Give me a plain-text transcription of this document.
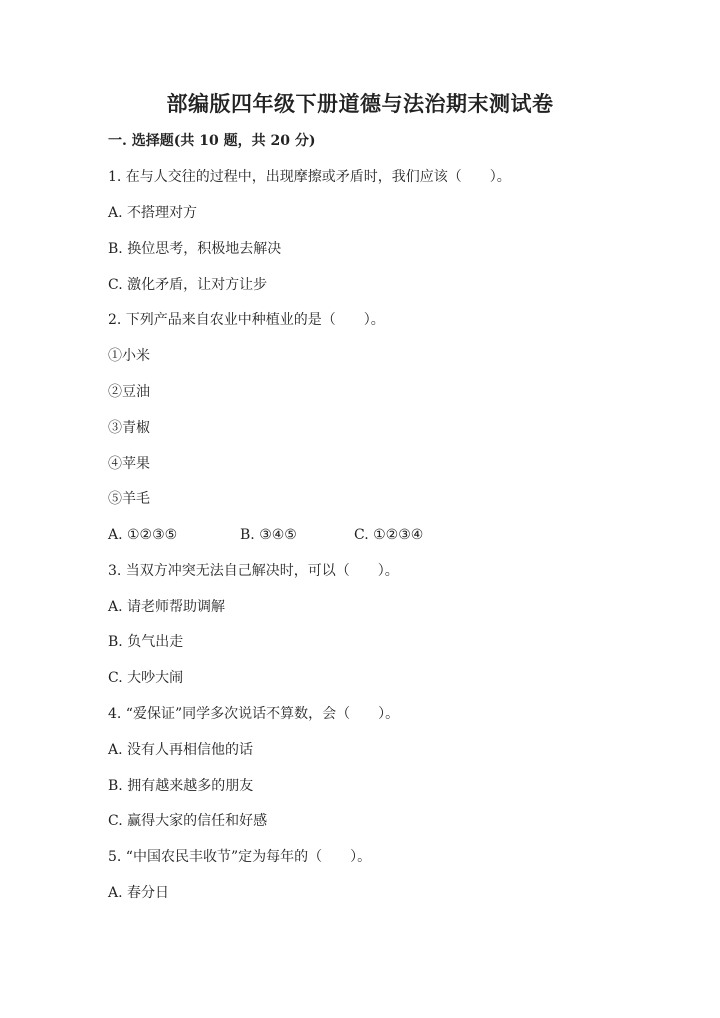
部编版四年级下册道德与法治期末测试卷
一. 选择题(共 10 题，共 20 分)
1. 在与人交往的过程中，出现摩擦或矛盾时，我们应该（　　）。
A. 不搭理对方
B. 换位思考，积极地去解决
C. 激化矛盾，让对方让步
2. 下列产品来自农业中种植业的是（　　）。
①小米
②豆油
③青椒
④苹果
⑤羊毛
A. ①②③⑤	B. ③④⑤	C. ①②③④
3. 当双方冲突无法自己解决时，可以（　　）。
A. 请老师帮助调解
B. 负气出走
C. 大吵大闹
4. “爱保证”同学多次说话不算数，会（　　）。
A. 没有人再相信他的话
B. 拥有越来越多的朋友
C. 赢得大家的信任和好感
5. “中国农民丰收节”定为每年的（　　）。
A. 春分日
